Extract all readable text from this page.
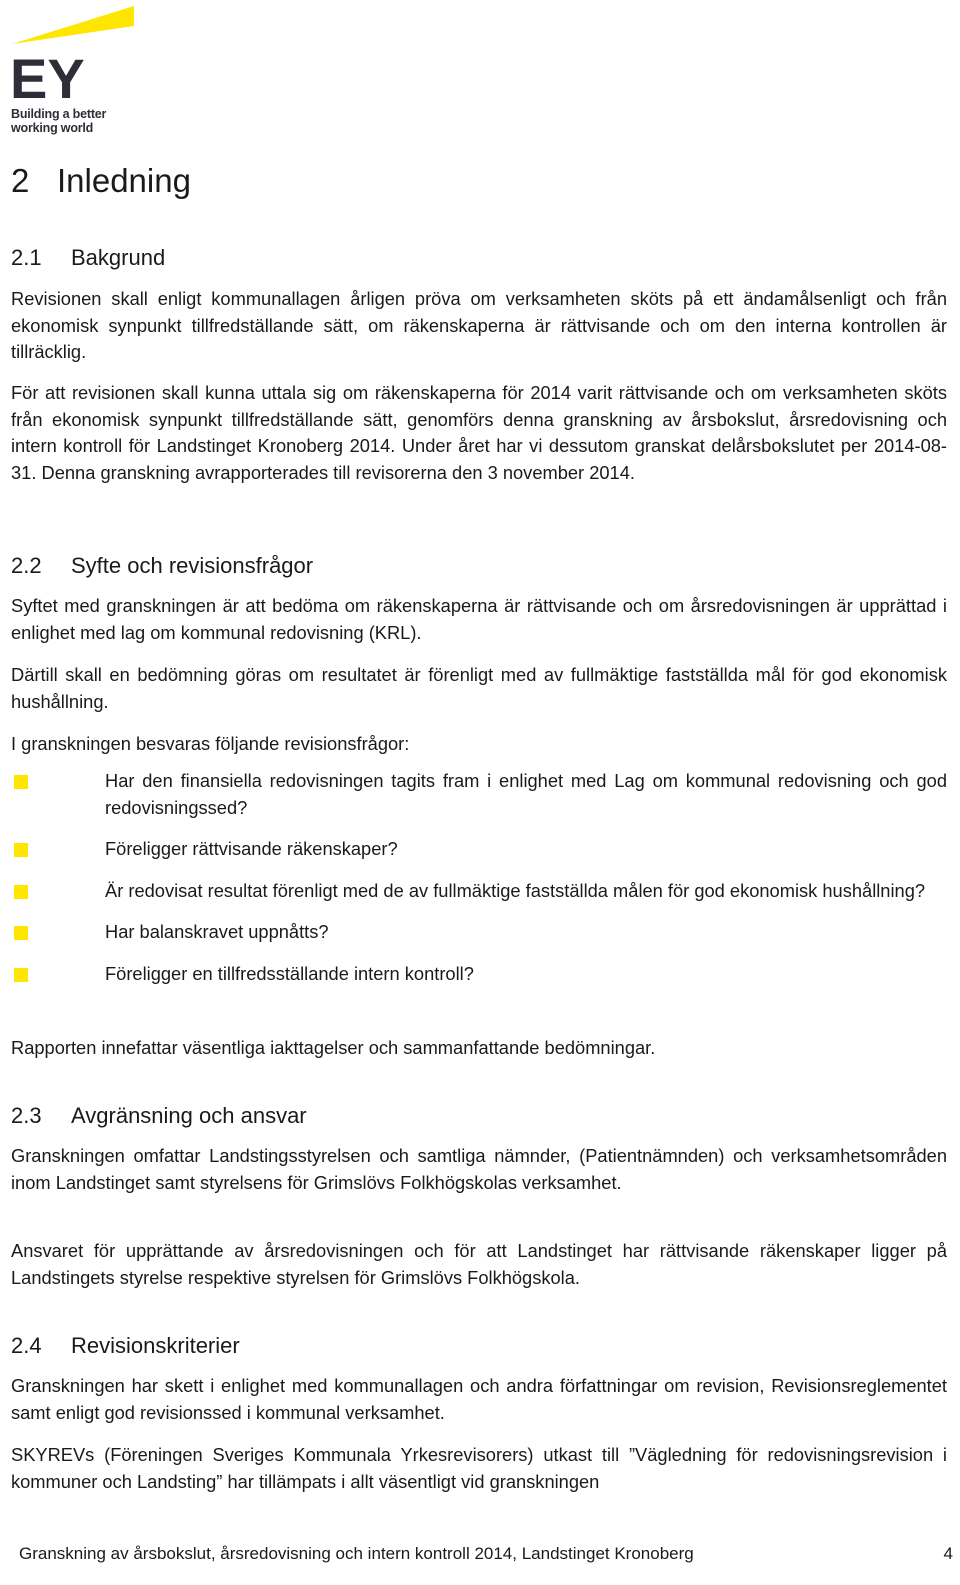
EY
Building a better
working world
2 Inledning
2.1 Bakgrund

Revisionen skall enligt kommunallagen årligen pröva om verksamheten sköts på ett ändamålsenligt och från ekonomisk synpunkt tillfredställande sätt, om räkenskaperna är rättvisande och om den interna kontrollen är tillräcklig.

För att revisionen skall kunna uttala sig om räkenskaperna för 2014 varit rättvisande och om verksamheten sköts från ekonomisk synpunkt tillfredställande sätt, genomförs denna granskning av årsbokslut, årsredovisning och intern kontroll för Landstinget Kronoberg 2014. Under året har vi dessutom granskat delårsbokslutet per 2014-08-31. Denna granskning avrapporterades till revisorerna den 3 november 2014.

2.2 Syfte och revisionsfrågor

Syftet med granskningen är att bedöma om räkenskaperna är rättvisande och om årsredovisningen är upprättad i enlighet med lag om kommunal redovisning (KRL).

Därtill skall en bedömning göras om resultatet är förenligt med av fullmäktige fastställda mål för god ekonomisk hushållning.

I granskningen besvaras följande revisionsfrågor:

Har den finansiella redovisningen tagits fram i enlighet med Lag om kommunal redovisning och god redovisningssed?
Föreligger rättvisande räkenskaper?
Är redovisat resultat förenligt med de av fullmäktige fastställda målen för god ekonomisk hushållning?
Har balanskravet uppnåtts?
Föreligger en tillfredsställande intern kontroll?

Rapporten innefattar väsentliga iakttagelser och sammanfattande bedömningar.

2.3 Avgränsning och ansvar

Granskningen omfattar Landstingsstyrelsen och samtliga nämnder, (Patientnämnden) och verksamhetsområden inom Landstinget samt styrelsens för Grimslövs Folkhögskolas verksamhet.

Ansvaret för upprättande av årsredovisningen och för att Landstinget har rättvisande räkenskaper ligger på Landstingets styrelse respektive styrelsen för Grimslövs Folkhögskola.

2.4 Revisionskriterier

Granskningen har skett i enlighet med kommunallagen och andra författningar om revision, Revisionsreglementet samt enligt god revisionssed i kommunal verksamhet.

SKYREVs (Föreningen Sveriges Kommunala Yrkesrevisorers) utkast till ”Vägledning för redovisningsrevision i kommuner och Landsting” har tillämpats i allt väsentligt vid granskningen

Granskning av årsbokslut, årsredovisning och intern kontroll 2014, Landstinget Kronoberg	4
